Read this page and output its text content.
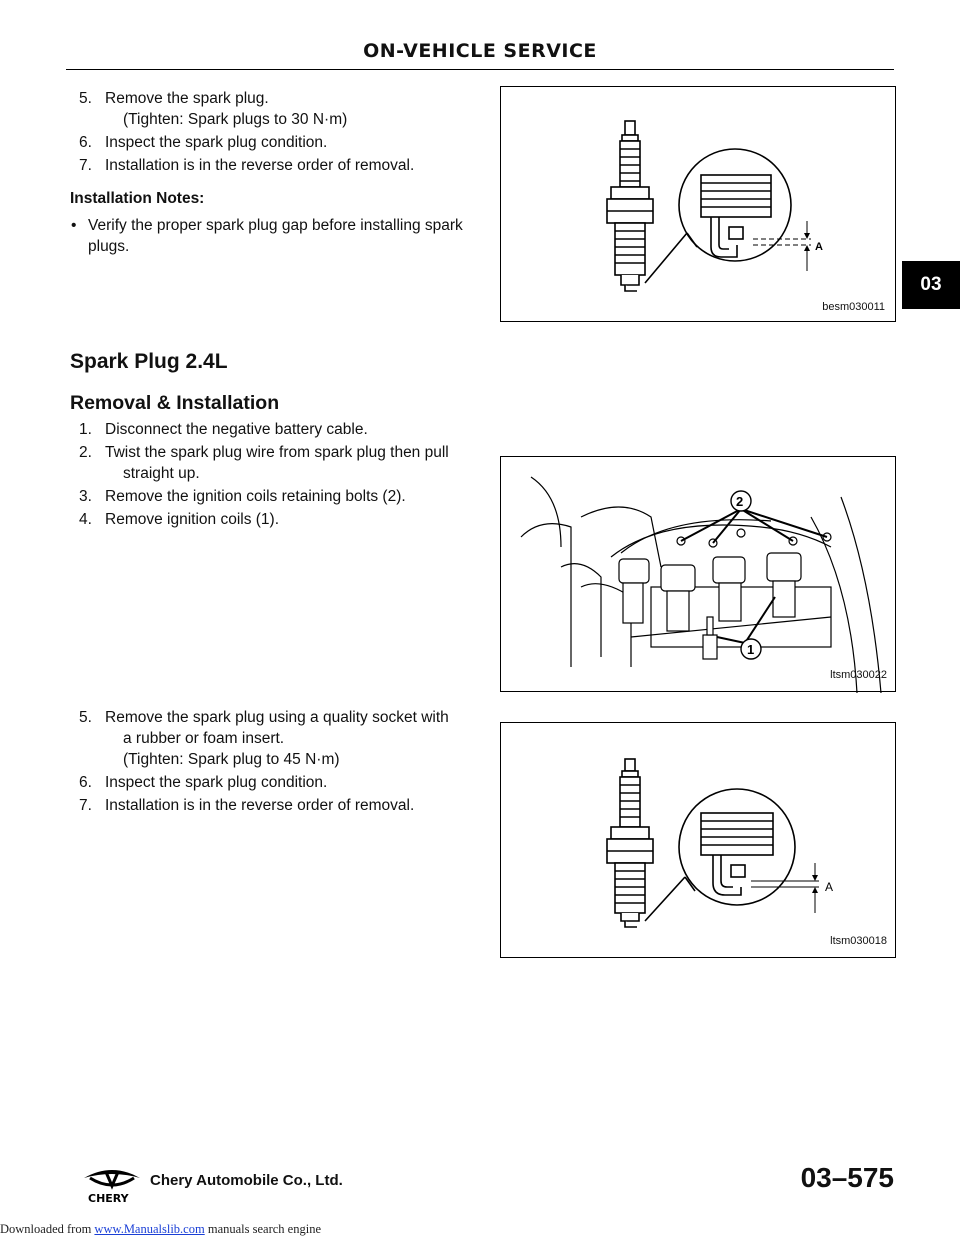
ON-VEHICLE SERVICE
5. Remove the spark plug.
(Tighten: Spark plugs to 30 N·m)
6. Inspect the spark plug condition.
7. Installation is in the reverse order of removal.
Installation Notes:
• Verify the proper spark plug gap before installing spark plugs.	A
besm030011
03
Spark Plug 2.4L
Removal & Installation
1. Disconnect the negative battery cable.
2. Twist the spark plug wire from spark plug then pull
straight up.
3. Remove the ignition coils retaining bolts (2).
4. Remove ignition coils (1).
2
1
ltsm030022
5. Remove the spark plug using a quality socket with
a rubber or foam insert.
(Tighten: Spark plug to 45 N·m)
6. Inspect the spark plug condition.
7. Installation is in the reverse order of removal.
A
ltsm030018
CHERY
Chery Automobile Co., Ltd.	03–575
Downloaded from www.Manualslib.com manuals search engine
